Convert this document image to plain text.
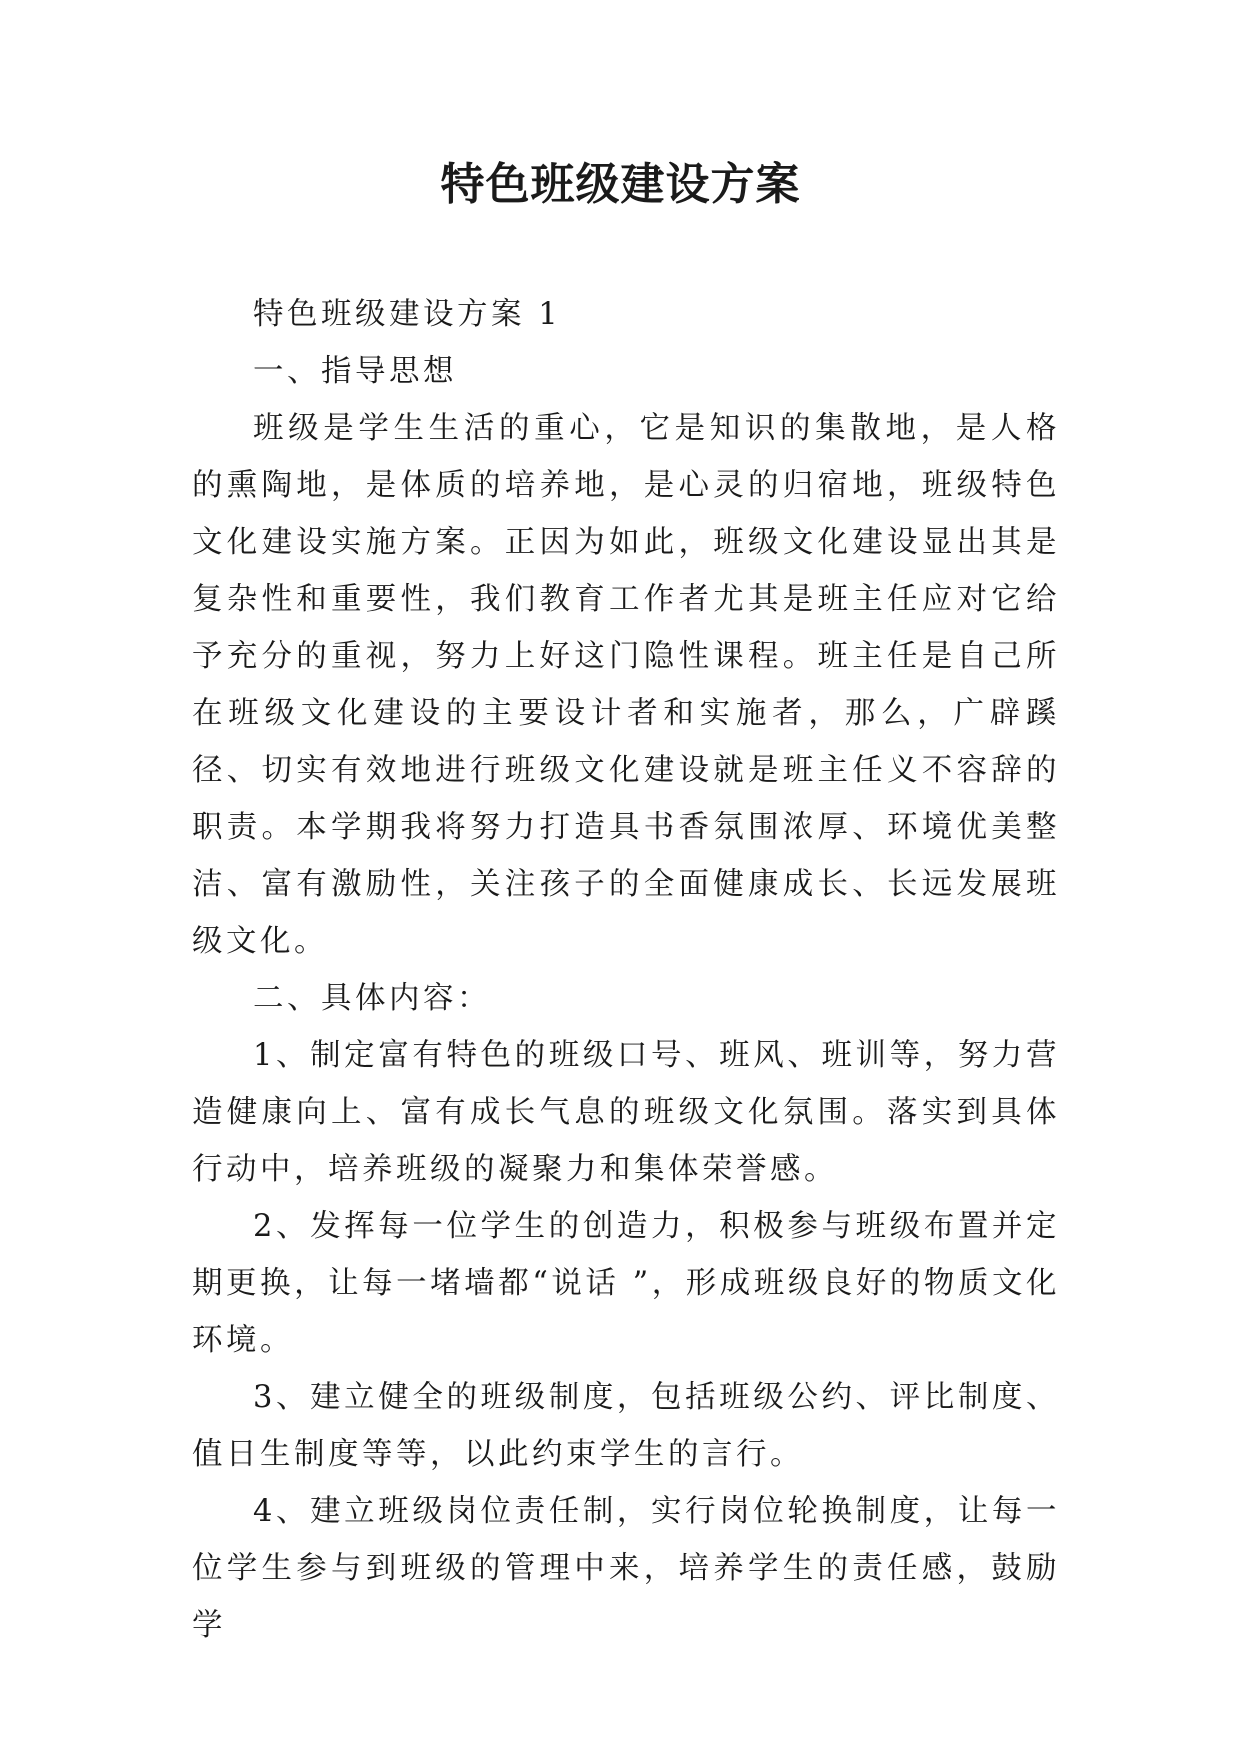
特色班级建设方案

特色班级建设方案 1

一、指导思想

班级是学生生活的重心，它是知识的集散地，是人格的熏陶地，是体质的培养地，是心灵的归宿地，班级特色文化建设实施方案。正因为如此，班级文化建设显出其是复杂性和重要性，我们教育工作者尤其是班主任应对它给予充分的重视，努力上好这门隐性课程。班主任是自己所在班级文化建设的主要设计者和实施者，那么，广辟蹊径、切实有效地进行班级文化建设就是班主任义不容辞的职责。本学期我将努力打造具书香氛围浓厚、环境优美整洁、富有激励性，关注孩子的全面健康成长、长远发展班级文化。

二、具体内容：

1、制定富有特色的班级口号、班风、班训等，努力营造健康向上、富有成长气息的班级文化氛围。落实到具体行动中，培养班级的凝聚力和集体荣誉感。

2、发挥每一位学生的创造力，积极参与班级布置并定期更换，让每一堵墙都“说话 ”，形成班级良好的物质文化环境。

3、建立健全的班级制度，包括班级公约、评比制度、值日生制度等等，以此约束学生的言行。

4、建立班级岗位责任制，实行岗位轮换制度，让每一位学生参与到班级的管理中来，培养学生的责任感，鼓励学
